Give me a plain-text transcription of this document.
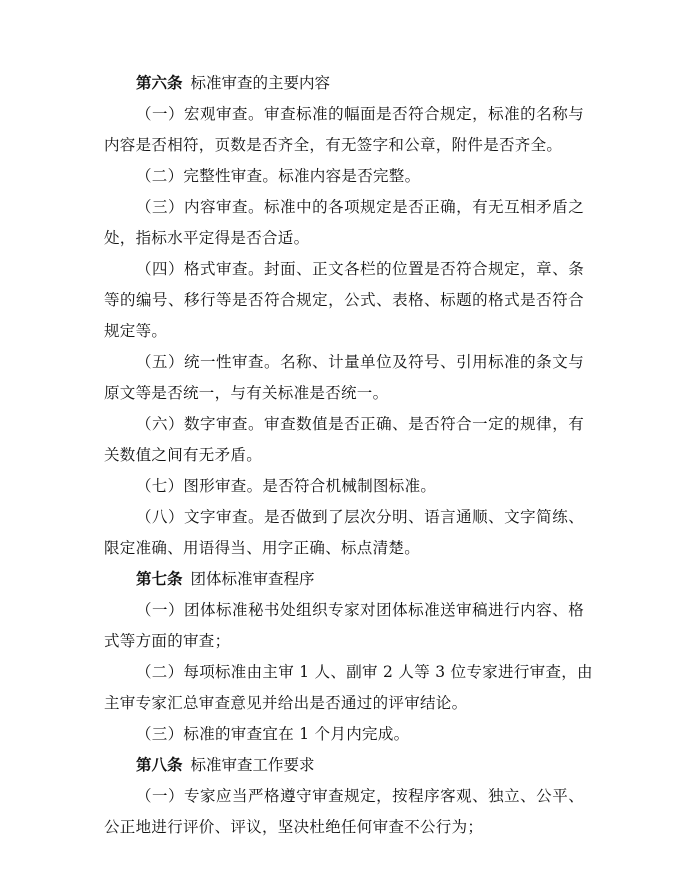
第六条 标准审查的主要内容
（一）宏观审查。审查标准的幅面是否符合规定，标准的名称与
内容是否相符，页数是否齐全，有无签字和公章，附件是否齐全。
（二）完整性审查。标准内容是否完整。
（三）内容审查。标准中的各项规定是否正确，有无互相矛盾之
处，指标水平定得是否合适。
（四）格式审查。封面、正文各栏的位置是否符合规定，章、条
等的编号、移行等是否符合规定，公式、表格、标题的格式是否符合
规定等。
（五）统一性审查。名称、计量单位及符号、引用标准的条文与
原文等是否统一，与有关标准是否统一。
（六）数字审查。审查数值是否正确、是否符合一定的规律，有
关数值之间有无矛盾。
（七）图形审查。是否符合机械制图标准。
（八）文字审查。是否做到了层次分明、语言通顺、文字简练、
限定准确、用语得当、用字正确、标点清楚。
第七条 团体标准审查程序
（一）团体标准秘书处组织专家对团体标准送审稿进行内容、格
式等方面的审查；
（二）每项标准由主审 1 人、副审 2 人等 3 位专家进行审查，由
主审专家汇总审查意见并给出是否通过的评审结论。
（三）标准的审查宜在 1 个月内完成。
第八条 标准审查工作要求
（一）专家应当严格遵守审查规定，按程序客观、独立、公平、
公正地进行评价、评议，坚决杜绝任何审查不公行为；
